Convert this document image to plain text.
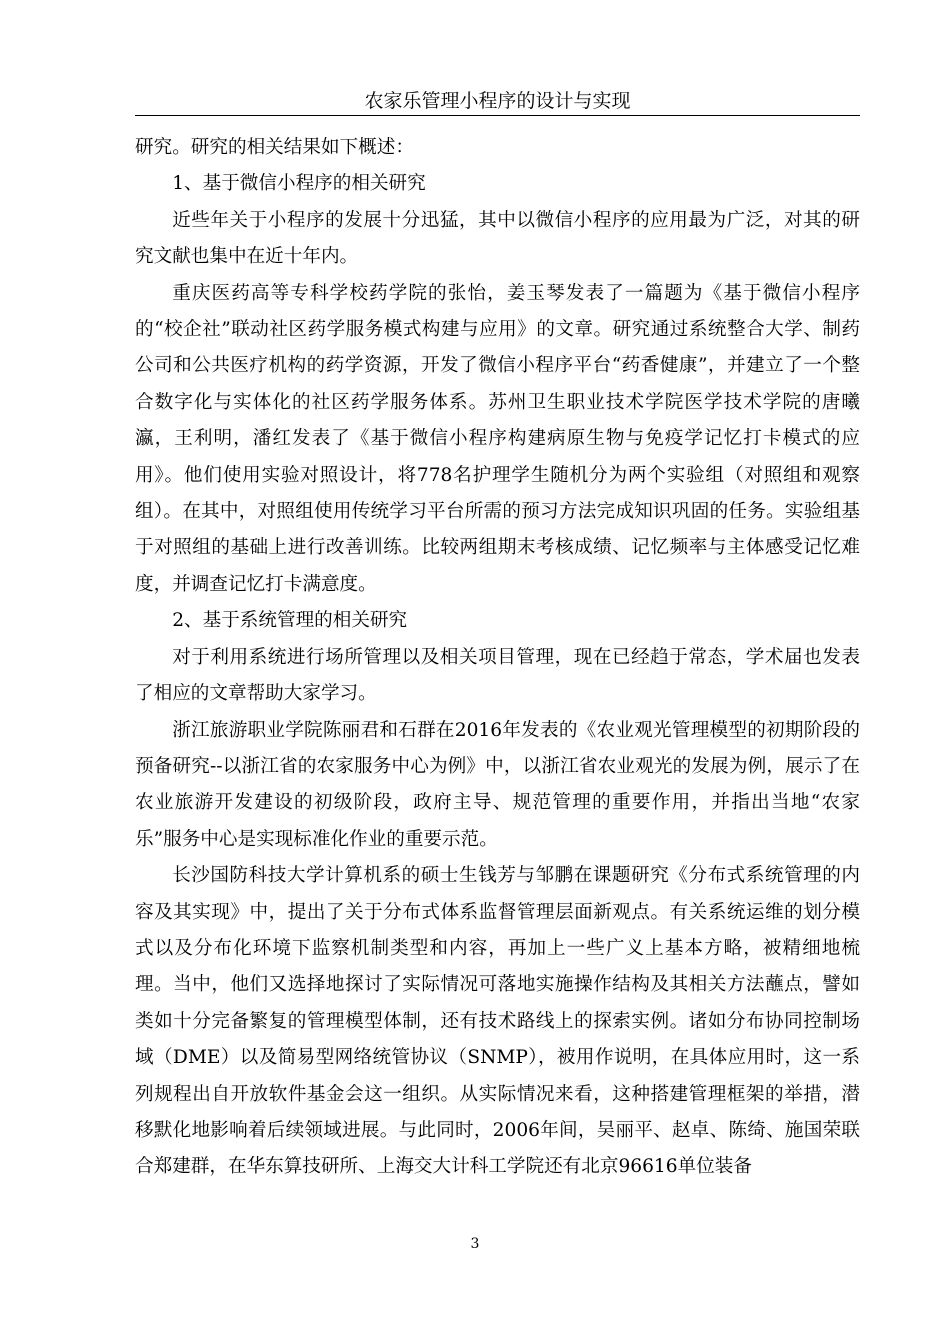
农家乐管理小程序的设计与实现

研究。研究的相关结果如下概述：

1、基于微信小程序的相关研究

近些年关于小程序的发展十分迅猛，其中以微信小程序的应用最为广泛，对其的研究文献也集中在近十年内。

重庆医药高等专科学校药学院的张怡，姜玉琴发表了一篇题为《基于微信小程序的“校企社”联动社区药学服务模式构建与应用》的文章。研究通过系统整合大学、制药公司和公共医疗机构的药学资源，开发了微信小程序平台“药香健康”，并建立了一个整合数字化与实体化的社区药学服务体系。苏州卫生职业技术学院医学技术学院的唐曦瀛，王利明，潘红发表了《基于微信小程序构建病原生物与免疫学记忆打卡模式的应用》。他们使用实验对照设计，将778名护理学生随机分为两个实验组（对照组和观察组）。在其中，对照组使用传统学习平台所需的预习方法完成知识巩固的任务。实验组基于对照组的基础上进行改善训练。比较两组期末考核成绩、记忆频率与主体感受记忆难度，并调查记忆打卡满意度。

2、基于系统管理的相关研究

对于利用系统进行场所管理以及相关项目管理，现在已经趋于常态，学术届也发表了相应的文章帮助大家学习。

浙江旅游职业学院陈丽君和石群在2016年发表的《农业观光管理模型的初期阶段的预备研究--以浙江省的农家服务中心为例》中，以浙江省农业观光的发展为例，展示了在农业旅游开发建设的初级阶段，政府主导、规范管理的重要作用，并指出当地“农家乐”服务中心是实现标准化作业的重要示范。

长沙国防科技大学计算机系的硕士生钱芳与邹鹏在课题研究《分布式系统管理的内容及其实现》中，提出了关于分布式体系监督管理层面新观点。有关系统运维的划分模式以及分布化环境下监察机制类型和内容，再加上一些广义上基本方略，被精细地梳理。当中，他们又选择地探讨了实际情况可落地实施操作结构及其相关方法蘸点，譬如类如十分完备繁复的管理模型体制，还有技术路线上的探索实例。诸如分布协同控制场域（DME）以及简易型网络统管协议（SNMP），被用作说明，在具体应用时，这一系列规程出自开放软件基金会这一组织。从实际情况来看，这种搭建管理框架的举措，潜移默化地影响着后续领域进展。与此同时，2006年间，吴丽平、赵卓、陈绮、施国荣联合郑建群，在华东算技研所、上海交大计科工学院还有北京96616单位装备

3
